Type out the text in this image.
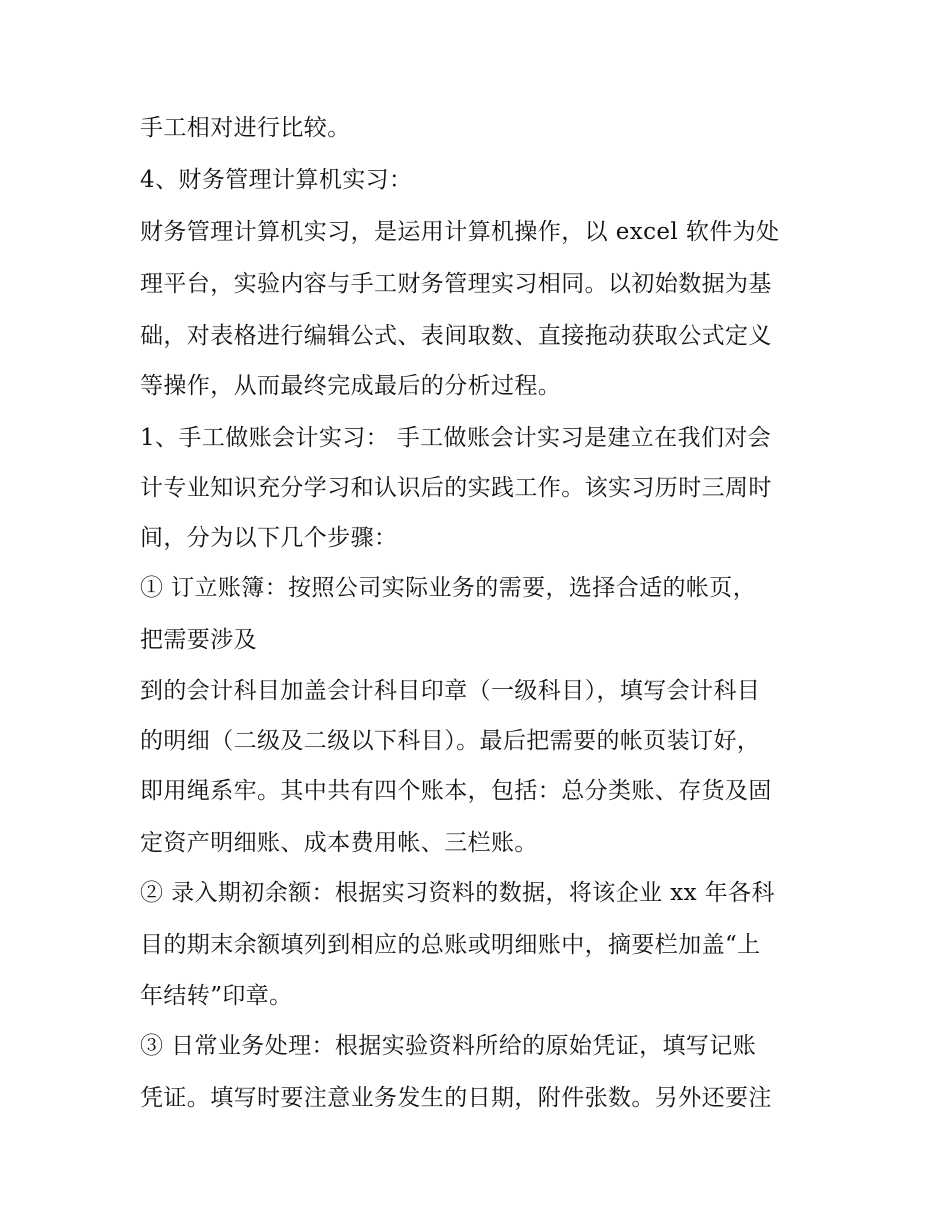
手工相对进行比较。
4、财务管理计算机实习：
财务管理计算机实习，是运用计算机操作，以 excel 软件为处
理平台，实验内容与手工财务管理实习相同。以初始数据为基
础，对表格进行编辑公式、表间取数、直接拖动获取公式定义
等操作，从而最终完成最后的分析过程。
1、手工做账会计实习： 手工做账会计实习是建立在我们对会
计专业知识充分学习和认识后的实践工作。该实习历时三周时
间，分为以下几个步骤：
① 订立账簿：按照公司实际业务的需要，选择合适的帐页，
把需要涉及
到的会计科目加盖会计科目印章（一级科目），填写会计科目
的明细（二级及二级以下科目）。最后把需要的帐页装订好，
即用绳系牢。其中共有四个账本，包括：总分类账、存货及固
定资产明细账、成本费用帐、三栏账。
② 录入期初余额：根据实习资料的数据，将该企业 xx 年各科
目的期末余额填列到相应的总账或明细账中，摘要栏加盖“上
年结转”印章。
③ 日常业务处理：根据实验资料所给的原始凭证，填写记账
凭证。填写时要注意业务发生的日期，附件张数。另外还要注
